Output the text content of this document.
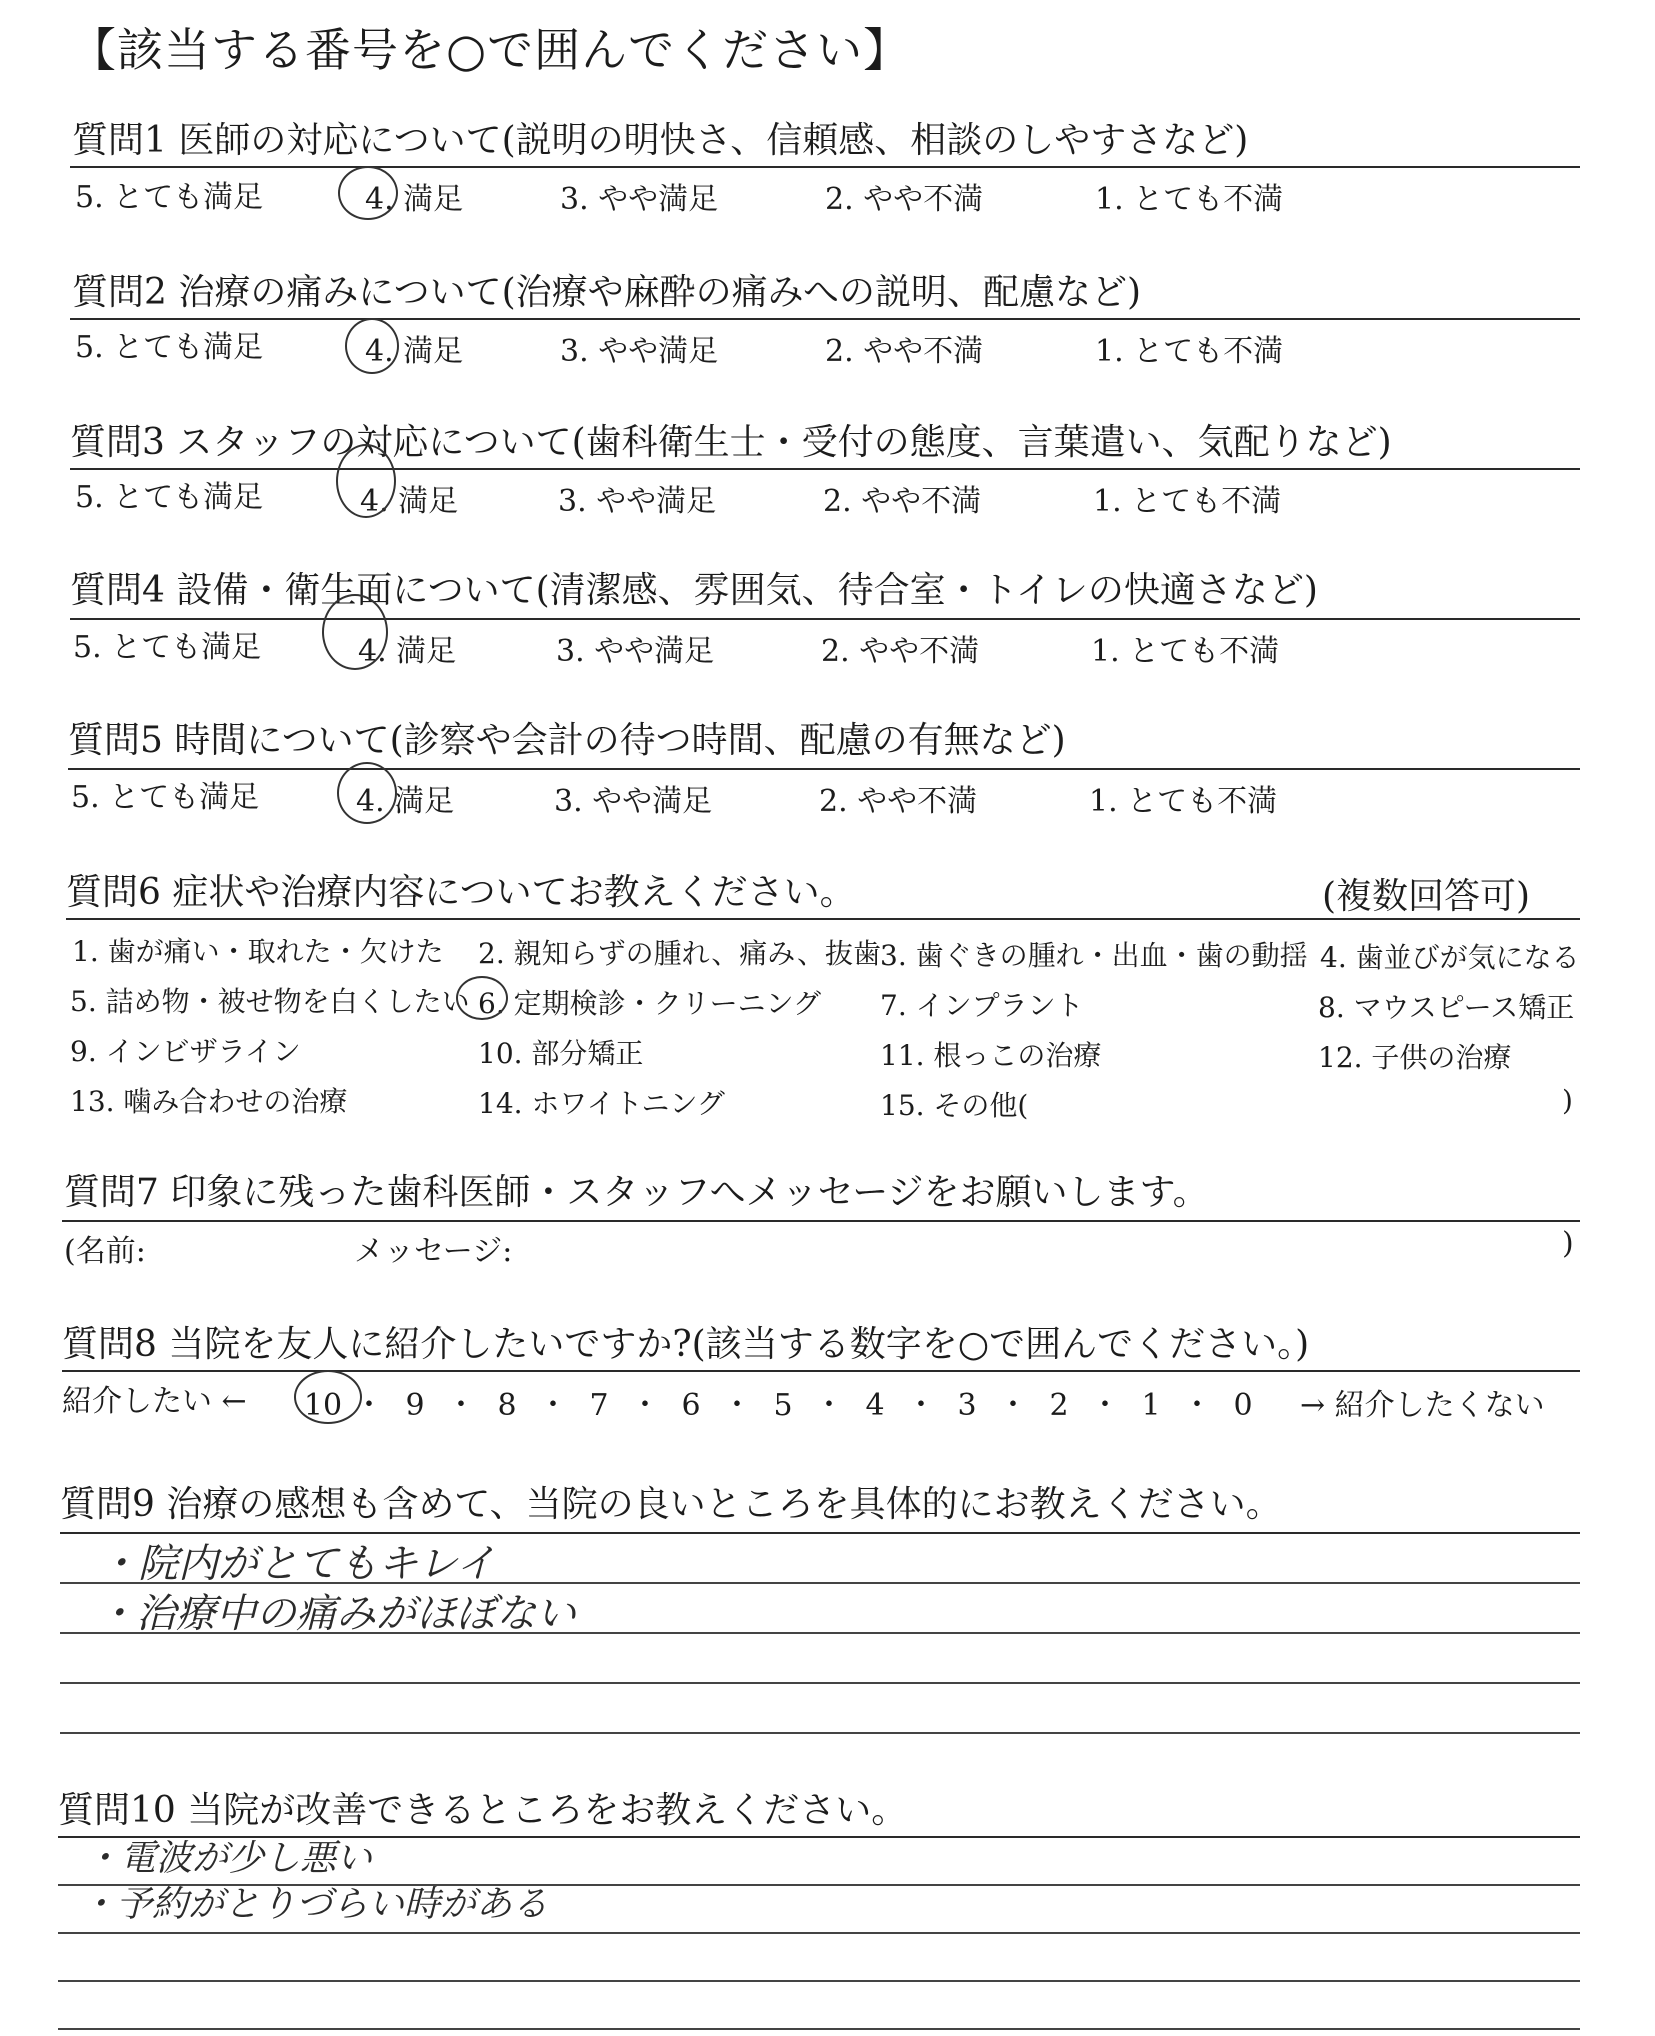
【該当する番号を○で囲んでください】
質問1 医師の対応について(説明の明快さ、信頼感、相談のしやすさなど)
5. とても満足	4. 満足	3. やや満足	2. やや不満	1. とても不満
質問2 治療の痛みについて(治療や麻酔の痛みへの説明、配慮など)
5. とても満足	4. 満足	3. やや満足	2. やや不満	1. とても不満
質問3 スタッフの対応について(歯科衛生士・受付の態度、言葉遣い、気配りなど)
5. とても満足	4. 満足	3. やや満足	2. やや不満	1. とても不満
質問4 設備・衛生面について(清潔感、雰囲気、待合室・トイレの快適さなど)
5. とても満足	4. 満足	3. やや満足	2. やや不満	1. とても不満
質問5 時間について(診察や会計の待つ時間、配慮の有無など)
5. とても満足	4. 満足	3. やや満足	2. やや不満	1. とても不満
質問6 症状や治療内容についてお教えください。	(複数回答可)
1. 歯が痛い・取れた・欠けた 2. 親知らずの腫れ、痛み、抜歯 3. 歯ぐきの腫れ・出血・歯の動揺 4. 歯並びが気になる
5. 詰め物・被せ物を白くしたい 6. 定期検診・クリーニング 7. インプラント	8. マウスピース矯正
9. インビザライン	10. 部分矯正	11. 根っこの治療	12. 子供の治療
13. 噛み合わせの治療	14. ホワイトニング	15. その他(	)
質問7 印象に残った歯科医師・スタッフへメッセージをお願いします。
(名前:	メッセージ:	)
質問8 当院を友人に紹介したいですか?(該当する数字を○で囲んでください。)
紹介したい ←	→ 紹介したくない
10 ・ 9 ・ 8 ・ 7 ・ 6 ・ 5 ・ 4 ・ 3 ・ 2 ・ 1 ・ 0
質問9 治療の感想も含めて、当院の良いところを具体的にお教えください。
・院内がとてもキレイ
・治療中の痛みがほぼない
質問10 当院が改善できるところをお教えください。
・電波が少し悪い
・予約がとりづらい時がある
